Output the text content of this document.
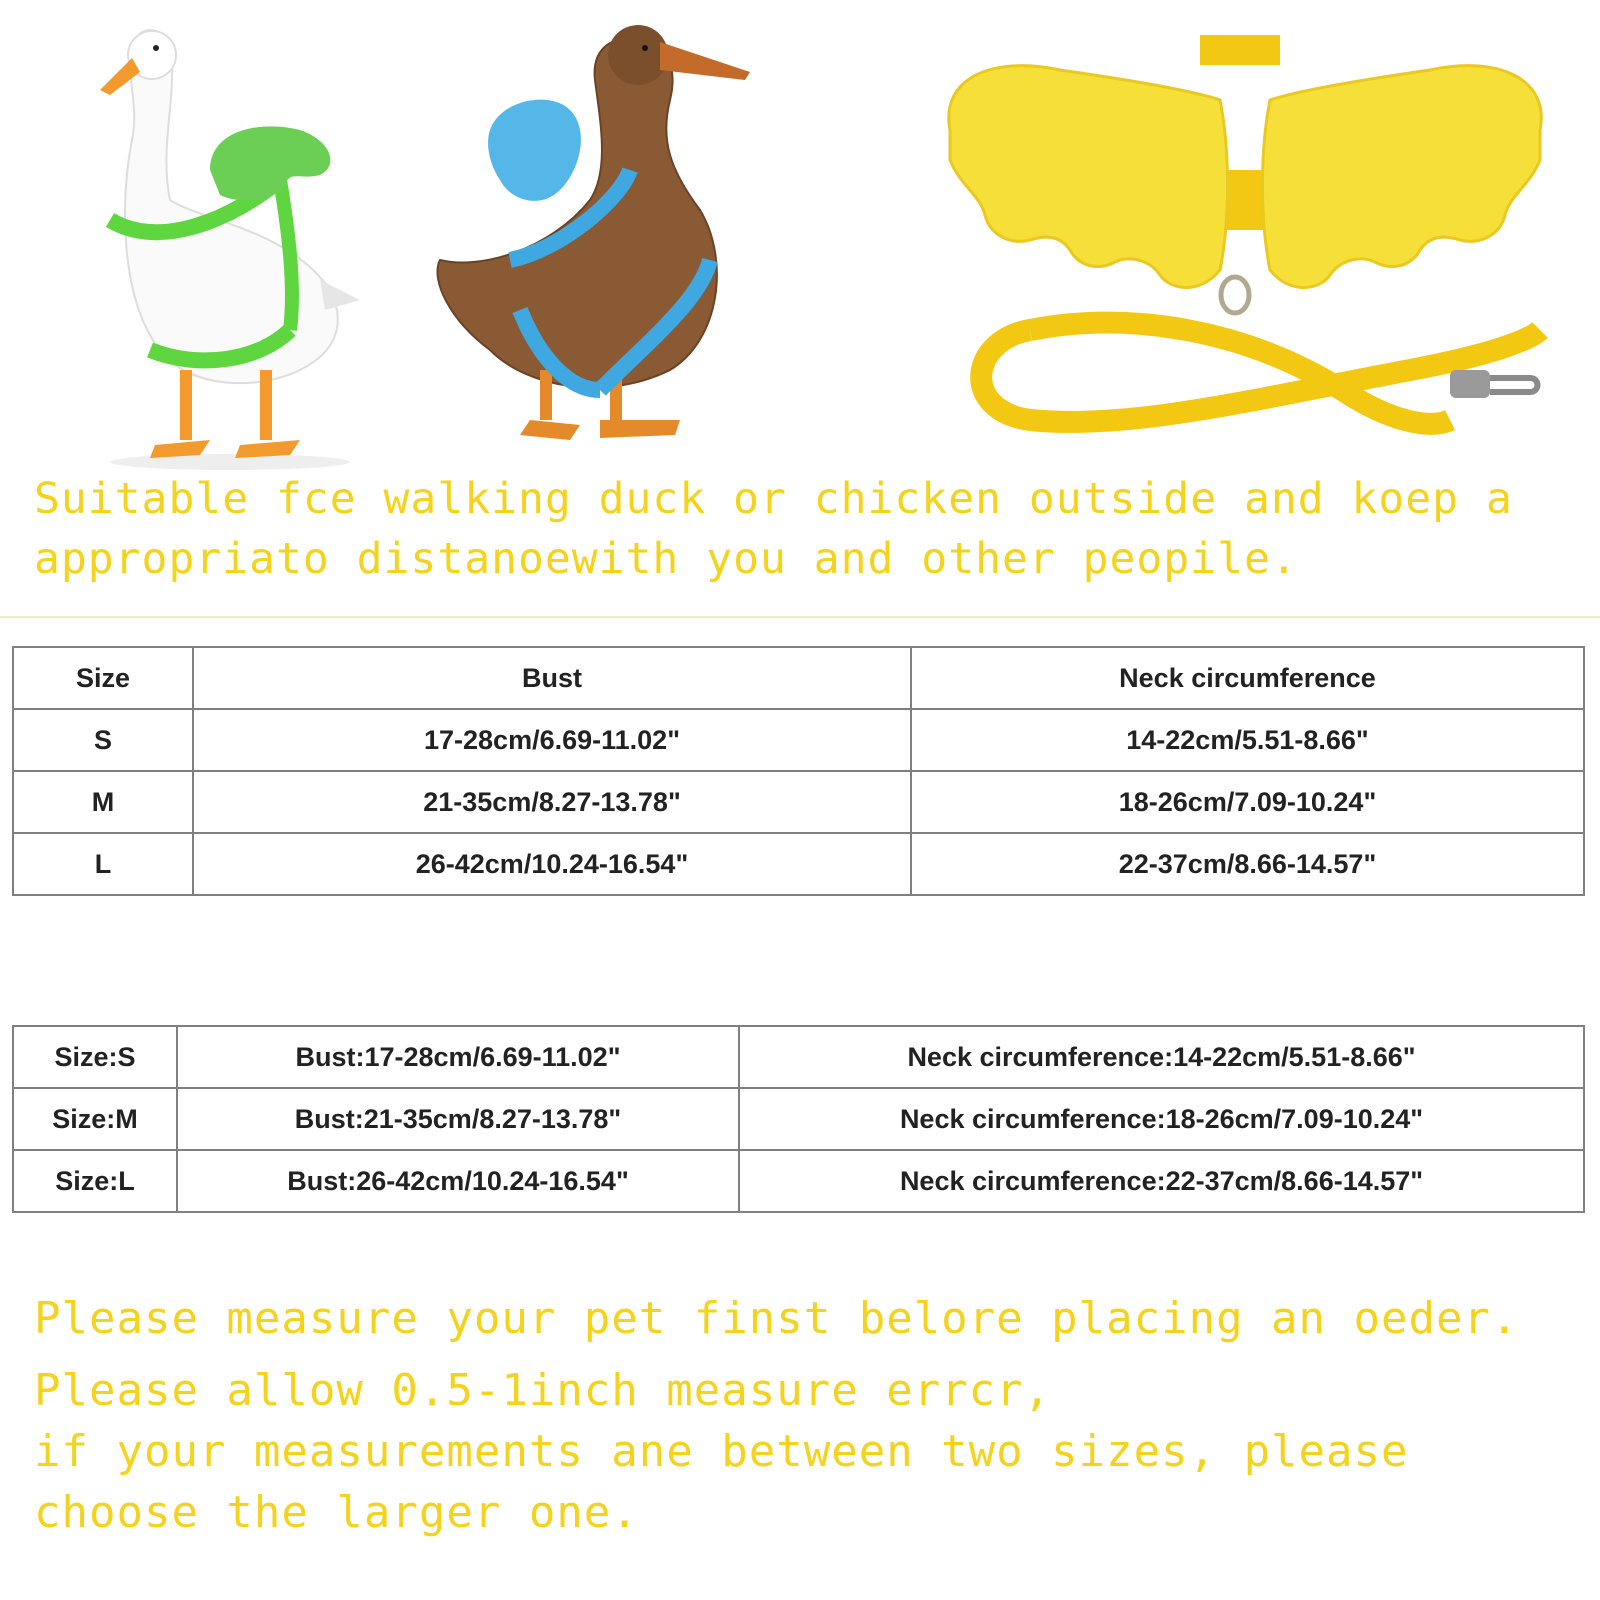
Suitable fce walking duck or chicken outside and koep a
appropriato distanoewith you and other peopile.
Size	Bust	Neck circumference
S	17-28cm/6.69-11.02"	14-22cm/5.51-8.66"
M	21-35cm/8.27-13.78"	18-26cm/7.09-10.24"
L	26-42cm/10.24-16.54"	22-37cm/8.66-14.57"
Size:S	Bust:17-28cm/6.69-11.02"	Neck circumference:14-22cm/5.51-8.66"
Size:M	Bust:21-35cm/8.27-13.78"	Neck circumference:18-26cm/7.09-10.24"
Size:L	Bust:26-42cm/10.24-16.54"	Neck circumference:22-37cm/8.66-14.57"
Please measure your pet finst belore placing an oeder.
Please allow 0.5-1inch measure errcr,
if your measurements ane between two sizes, please
choose the larger one.
